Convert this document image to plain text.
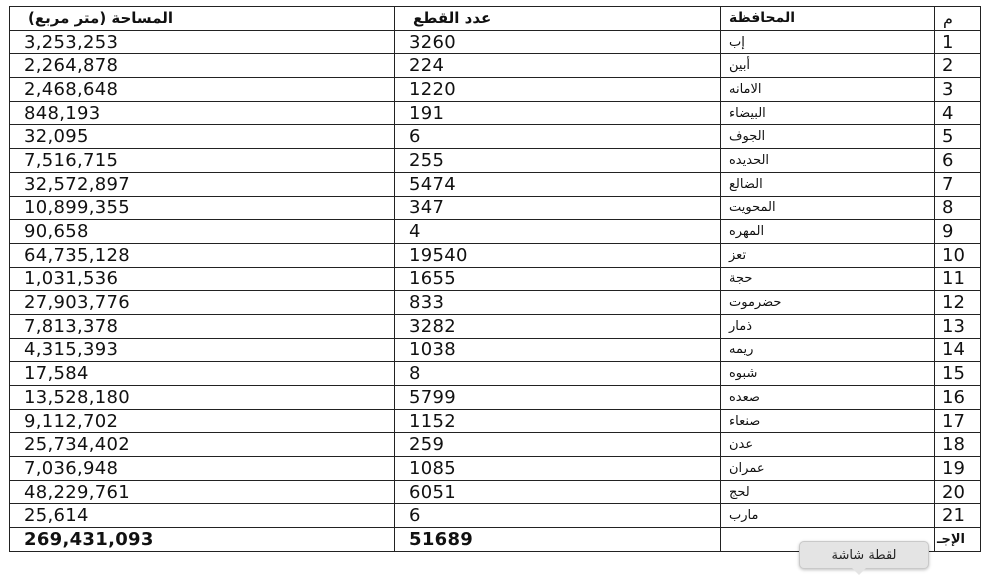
م	المحافظة	عدد القطع	المساحة (متر مربع)
1	إب	3260	3,253,253
2	أبين	224	2,264,878
3	الامانه	1220	2,468,648
4	البيضاء	191	848,193
5	الجوف	6	32,095
6	الحديده	255	7,516,715
7	الضالع	5474	32,572,897
8	المحويت	347	10,899,355
9	المهره	4	90,658
10	تعز	19540	64,735,128
11	حجة	1655	1,031,536
12	حضرموت	833	27,903,776
13	ذمار	3282	7,813,378
14	ريمه	1038	4,315,393
15	شبوه	8	17,584
16	صعده	5799	13,528,180
17	صنعاء	1152	9,112,702
18	عدن	259	25,734,402
19	عمران	1085	7,036,948
20	لحج	6051	48,229,761
21	مارب	6	25,614
الإجـ		51689	269,431,093
لقطة شاشة
